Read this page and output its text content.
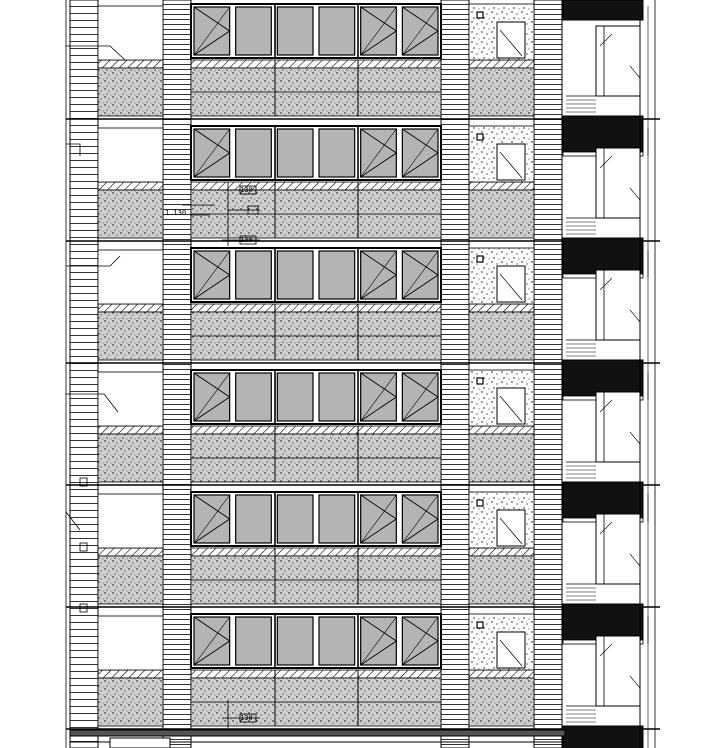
1.130
130
130
130
